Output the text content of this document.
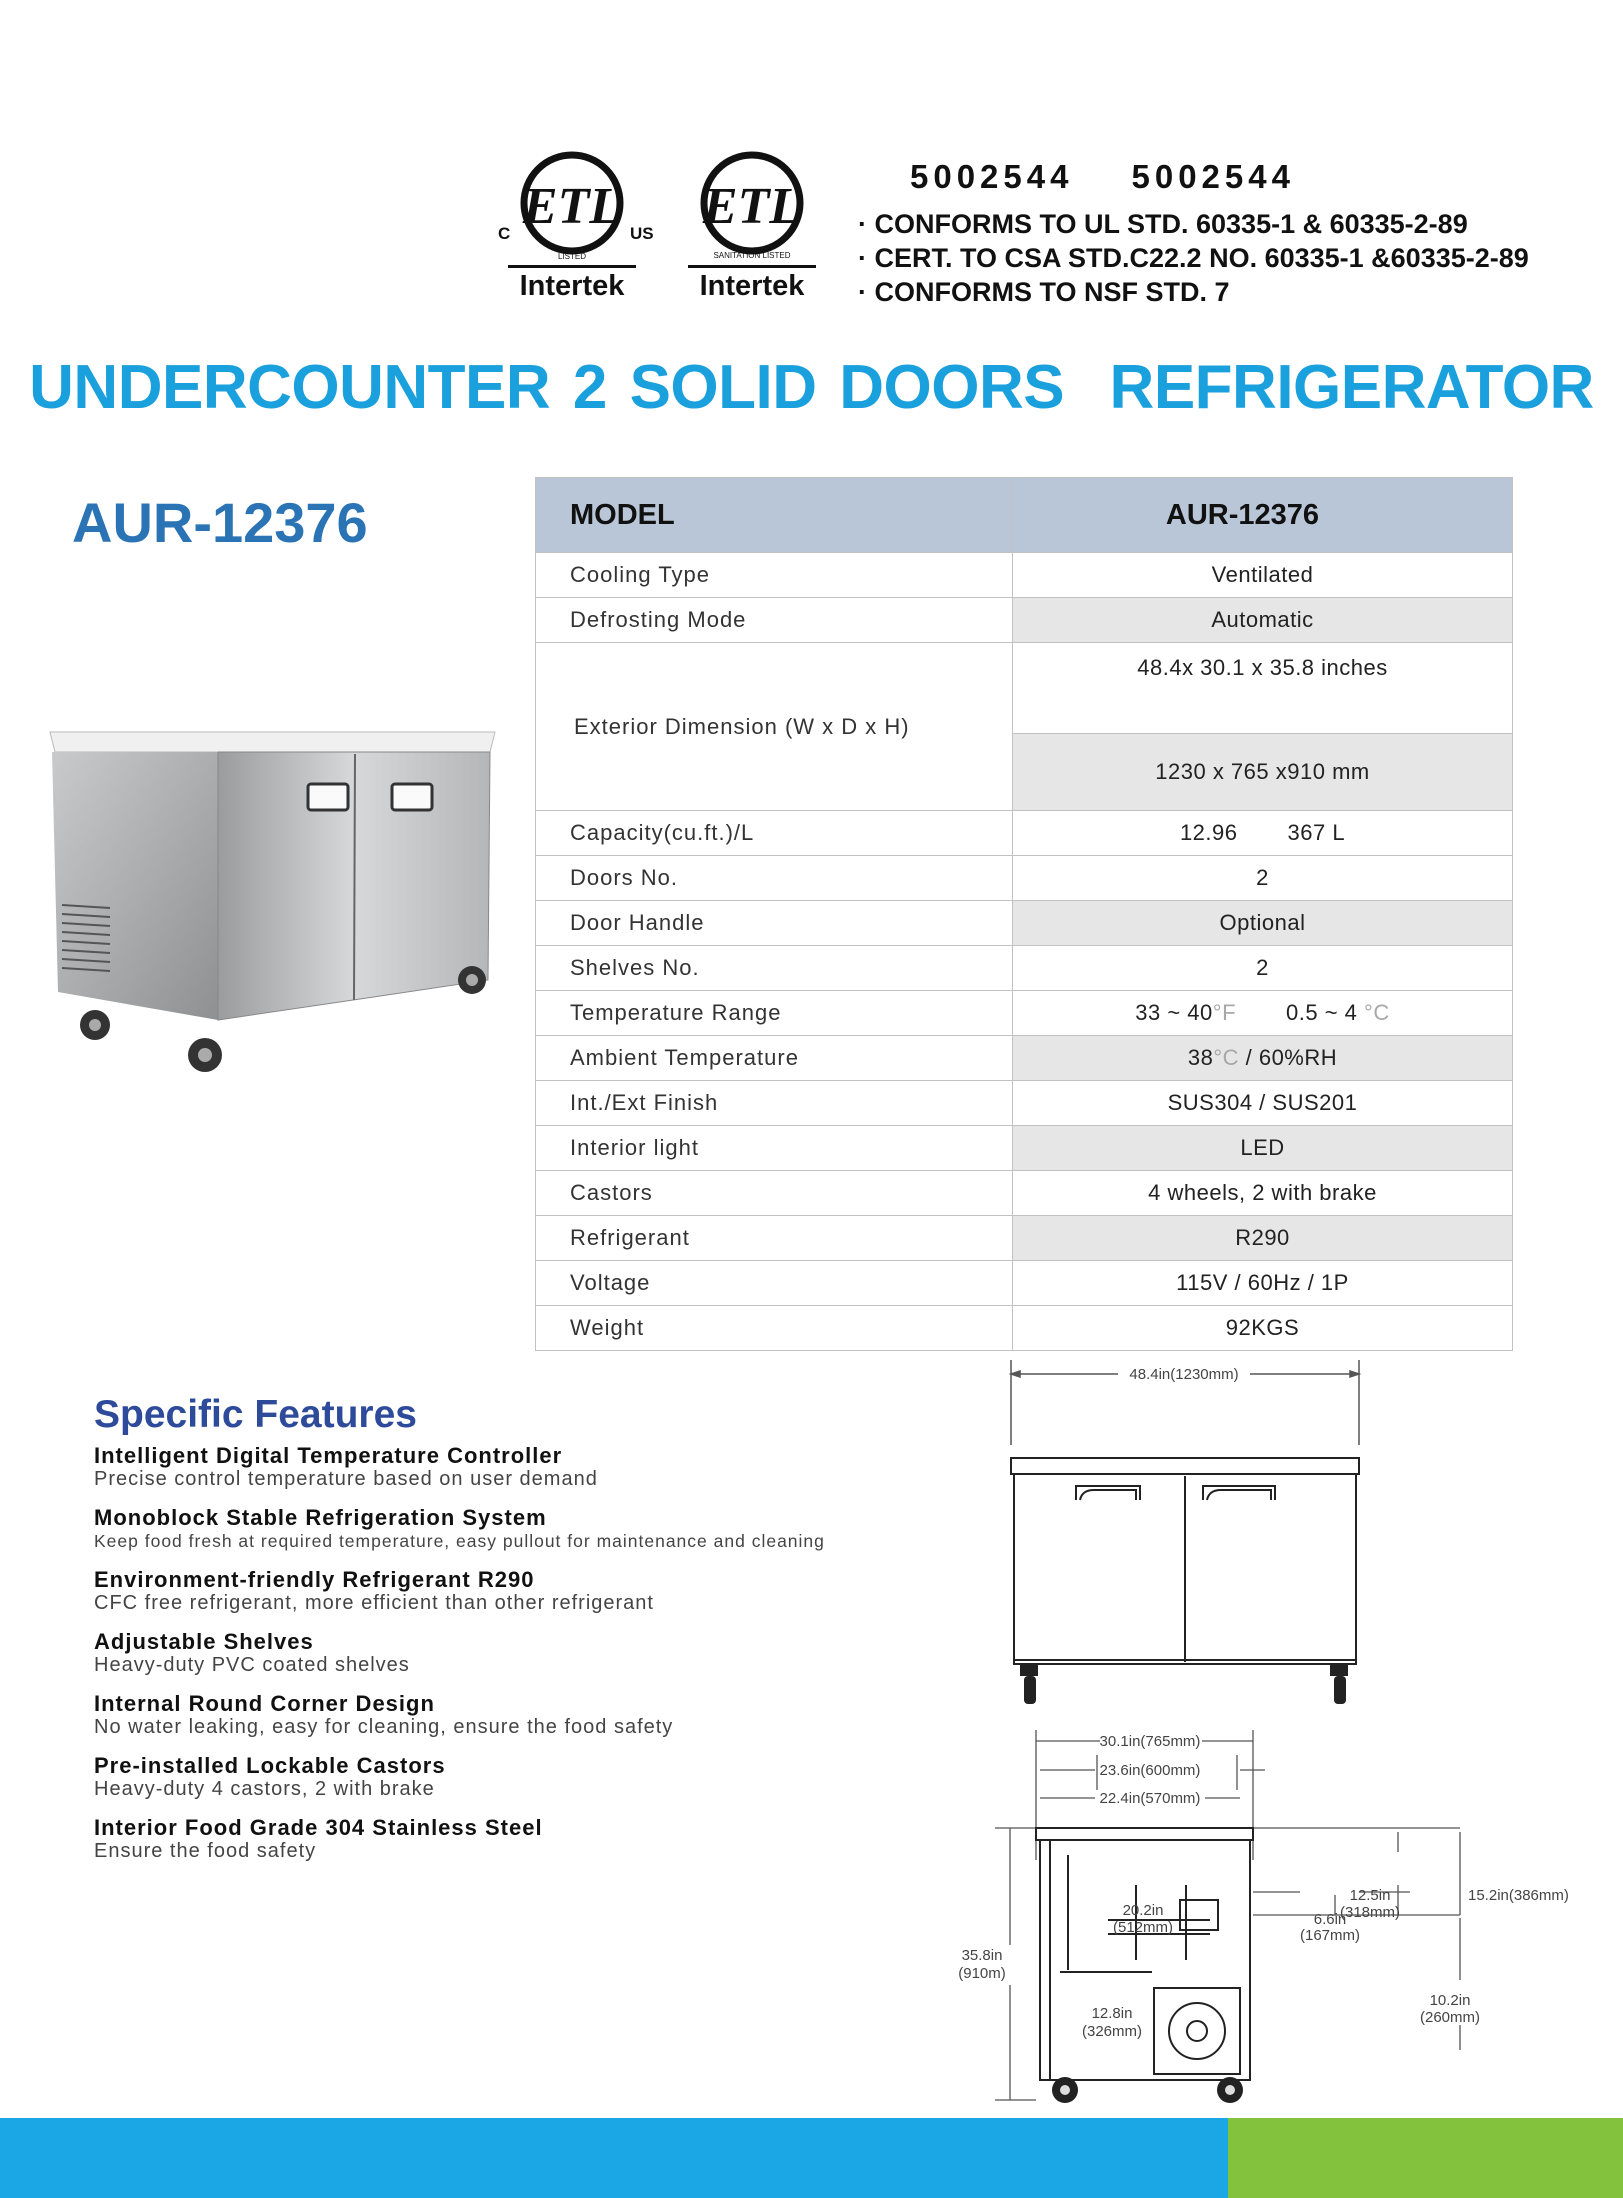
ETL
C	US
LISTED
Intertek
ETL
SANITATION LISTED
Intertek
5002544 5002544
· CONFORMS TO UL STD. 60335-1 & 60335-2-89
· CERT. TO CSA STD.C22.2 NO. 60335-1 &60335-2-89
· CONFORMS TO NSF STD. 7
UNDERCOUNTER 2 SOLID DOORS  REFRIGERATOR
AUR-12376	MODEL	AUR-12376
Cooling Type	Ventilated
Defrosting Mode	Automatic
Exterior Dimension (W x D x H)	48.4x 30.1 x 35.8 inches
	1230 x 765 x910 mm
Capacity(cu.ft.)/L	12.96 367 L
Doors No.	2
Door Handle	Optional
Shelves No.	2
Temperature Range	33 ~ 40°F 0.5 ~ 4 °C
Ambient Temperature	38°C / 60%RH
Int./Ext Finish	SUS304 / SUS201
Interior light	LED
Castors	4 wheels, 2 with brake
Refrigerant	R290
Voltage	115V / 60Hz / 1P
Weight	92KGS
Specific Features
Intelligent Digital Temperature Controller
Precise control temperature based on user demand
Monoblock Stable Refrigeration System
Keep food fresh at required temperature, easy pullout for maintenance and cleaning
Environment-friendly Refrigerant R290
CFC free refrigerant, more efficient than other refrigerant
Adjustable Shelves
Heavy-duty PVC coated shelves
Internal Round Corner Design
No water leaking, easy for cleaning, ensure the food safety
Pre-installed Lockable Castors
Heavy-duty 4 castors, 2 with brake
Interior Food Grade 304 Stainless Steel
Ensure the food safety
48.4in(1230mm)
30.1in(765mm)
23.6in(600mm)
22.4in(570mm)
35.8in
(910m)
20.2in
(512mm)
12.8in
(326mm)
12.5in
(318mm)
15.2in(386mm)
6.6in
(167mm)
10.2in
(260mm)
